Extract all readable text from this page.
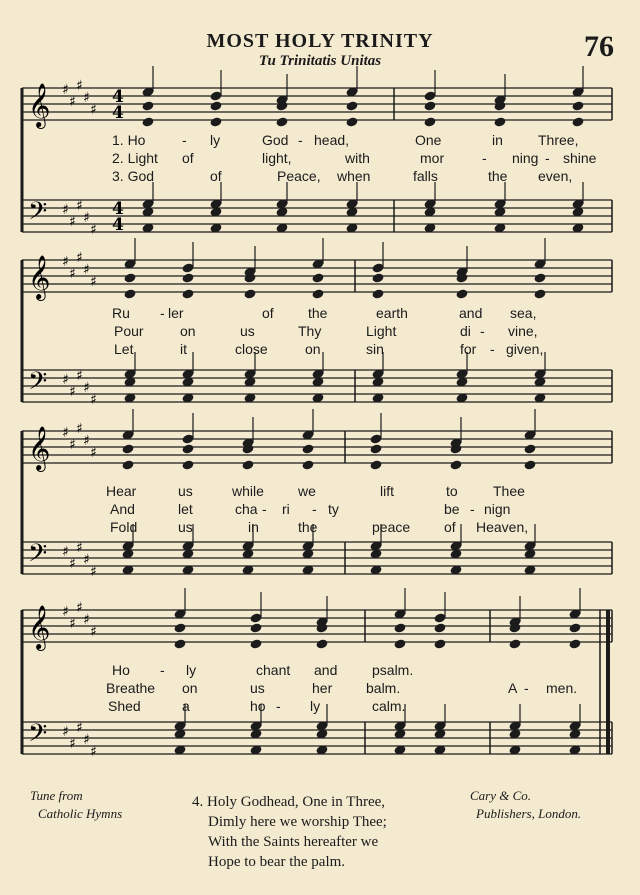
MOST HOLY TRINITY
Tu Trinitatis Unitas	76
𝄞
𝄢
♯
♯
♯
♯
♯
♯
♯
♯
♯
♯
4
4
4
4
𝄞
𝄢
♯
♯
♯
♯
♯
♯
♯
♯
♯
♯
𝄞
𝄢
♯
♯
♯
♯
♯
♯
♯
♯
♯
♯
𝄞
𝄢
♯
♯
♯
♯
♯
♯
♯
♯
♯
♯
1. Ho	- ly	God - head,	One	in	Three,
2. Light of	light,	with	mor	- ning - shine
3. God	of	Peace, when	falls	the even,
Ru - ler	of the	earth	and sea,
Pour	on	us	Thy	Light	di - vine,
Let	it	close	on	sin	for - given,
Hear	us	while we	lift	to	Thee
And	let	cha - ri - ty	be - nign
Fold	us	in	the	peace of Heaven,
Ho - ly	chant and psalm.
Breathe on	us	her balm.	A - men.
Shed	a	ho - ly	calm.
Tune from
Catholic Hymns
Cary & Co.
Publishers, London.
4. Holy Godhead, One in Three,
Dimly here we worship Thee;
With the Saints hereafter we
Hope to bear the palm.
